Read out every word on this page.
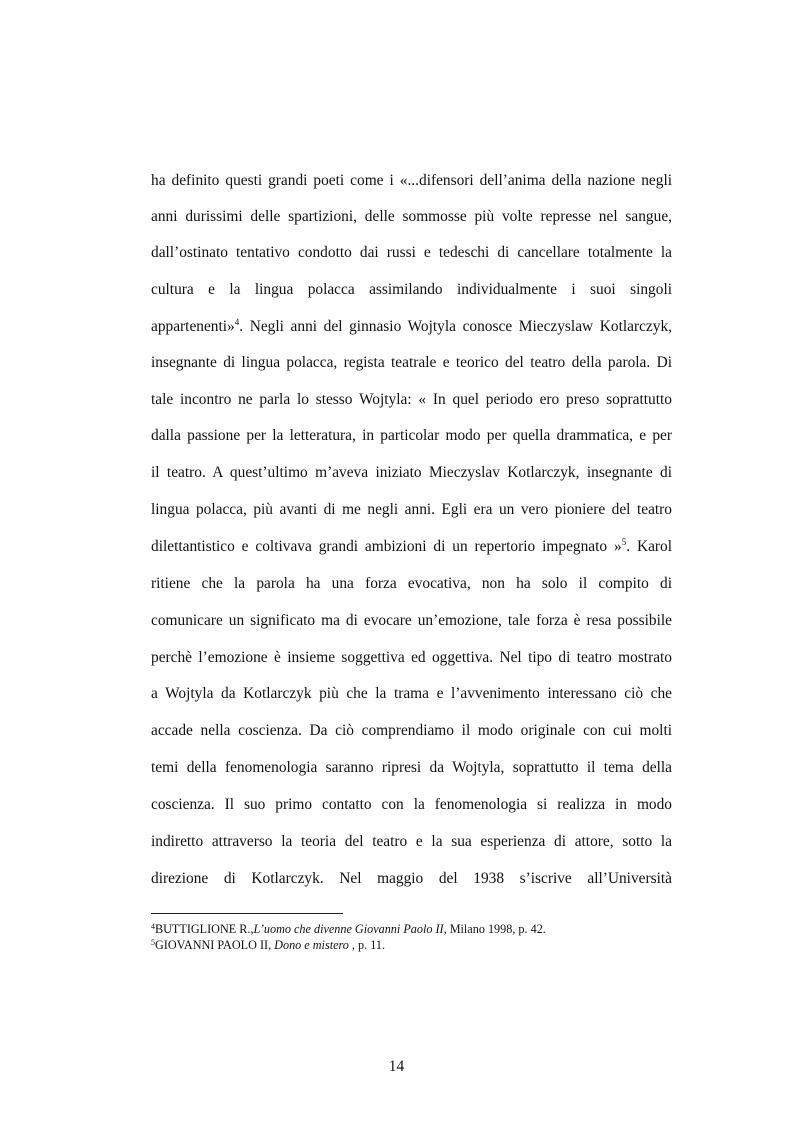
ha definito questi grandi poeti come i «...difensori dell’anima della nazione negli
anni durissimi delle spartizioni, delle sommosse più volte represse nel sangue,
dall’ostinato tentativo condotto dai russi e tedeschi di cancellare totalmente la
cultura e la lingua polacca assimilando individualmente i suoi singoli
appartenenti»$^4$. Negli anni del ginnasio Wojtyla conosce Mieczyslaw Kotlarczyk,
insegnante di lingua polacca, regista teatrale e teorico del teatro della parola. Di
tale incontro ne parla lo stesso Wojtyla: « In quel periodo ero preso soprattutto
dalla passione per la letteratura, in particolar modo per quella drammatica, e per
il teatro. A quest’ultimo m’aveva iniziato Mieczyslav Kotlarczyk, insegnante di
lingua polacca, più avanti di me negli anni. Egli era un vero pioniere del teatro
dilettantistico e coltivava grandi ambizioni di un repertorio impegnato »$^5$. Karol
ritiene che la parola ha una forza evocativa, non ha solo il compito di
comunicare un significato ma di evocare un’emozione, tale forza è resa possibile
perchè l’emozione è insieme soggettiva ed oggettiva. Nel tipo di teatro mostrato
a Wojtyla da Kotlarczyk più che la trama e l’avvenimento interessano ciò che
accade nella coscienza. Da ciò comprendiamo il modo originale con cui molti
temi della fenomenologia saranno ripresi da Wojtyla, soprattutto il tema della
coscienza. Il suo primo contatto con la fenomenologia si realizza in modo
indiretto attraverso la teoria del teatro e la sua esperienza di attore, sotto la
direzione di Kotlarczyk. Nel maggio del 1938 s’iscrive all’Università
$^4$BUTTIGLIONE R.,L’uomo che divenne Giovanni Paolo II, Milano 1998, p. 42.
$^5$GIOVANNI PAOLO II, Dono e mistero , p. 11.
14
